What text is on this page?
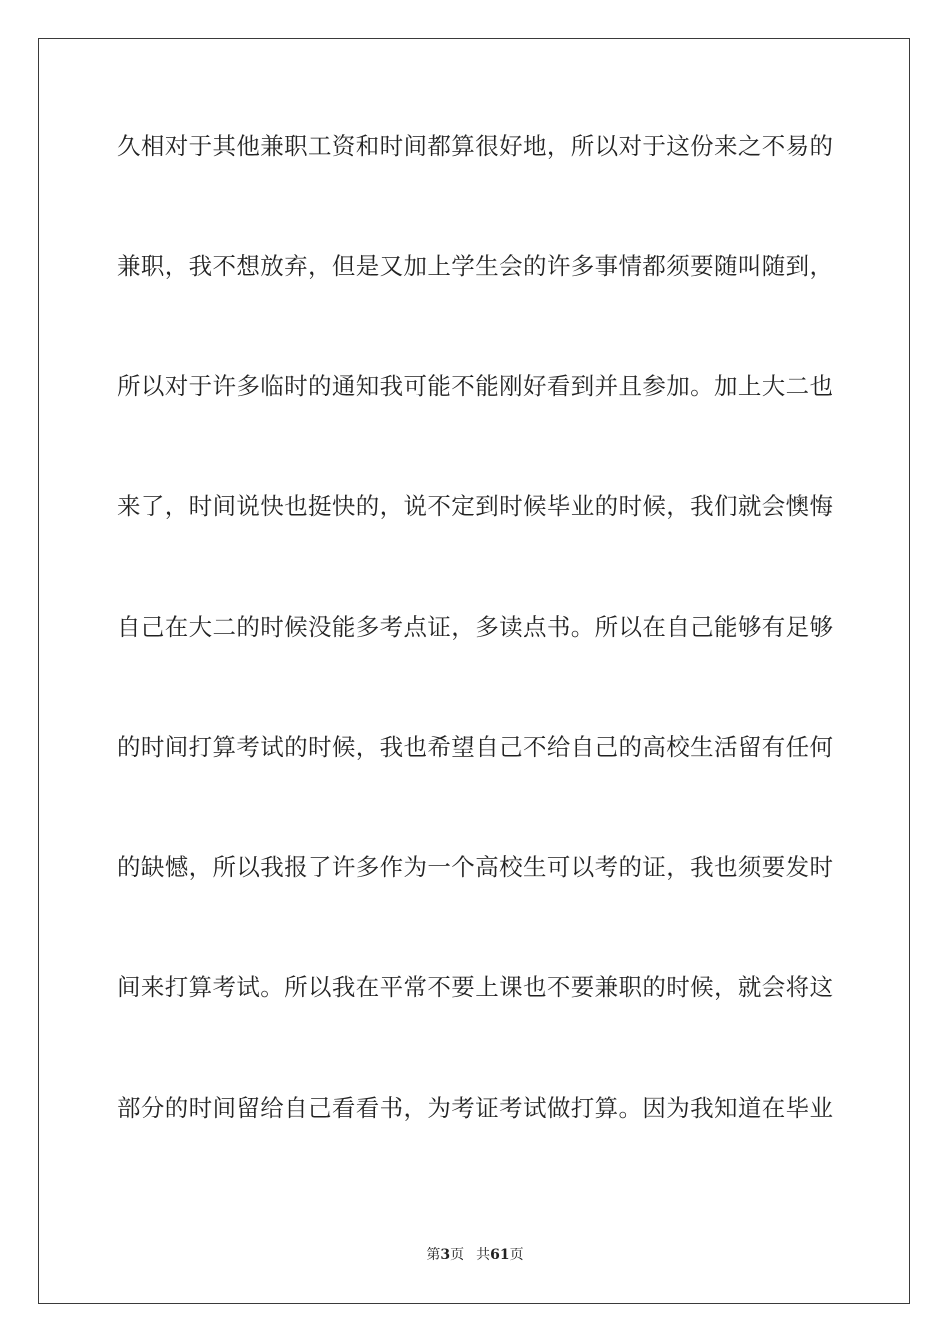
久相对于其他兼职工资和时间都算很好地，所以对于这份来之不易的
兼职，我不想放弃，但是又加上学生会的许多事情都须要随叫随到，
所以对于许多临时的通知我可能不能刚好看到并且参加。加上大二也
来了，时间说快也挺快的，说不定到时候毕业的时候，我们就会懊悔
自己在大二的时候没能多考点证，多读点书。所以在自己能够有足够
的时间打算考试的时候，我也希望自己不给自己的高校生活留有任何
的缺憾，所以我报了许多作为一个高校生可以考的证，我也须要发时
间来打算考试。所以我在平常不要上课也不要兼职的时候，就会将这
部分的时间留给自己看看书，为考证考试做打算。因为我知道在毕业
第3页 共61页
